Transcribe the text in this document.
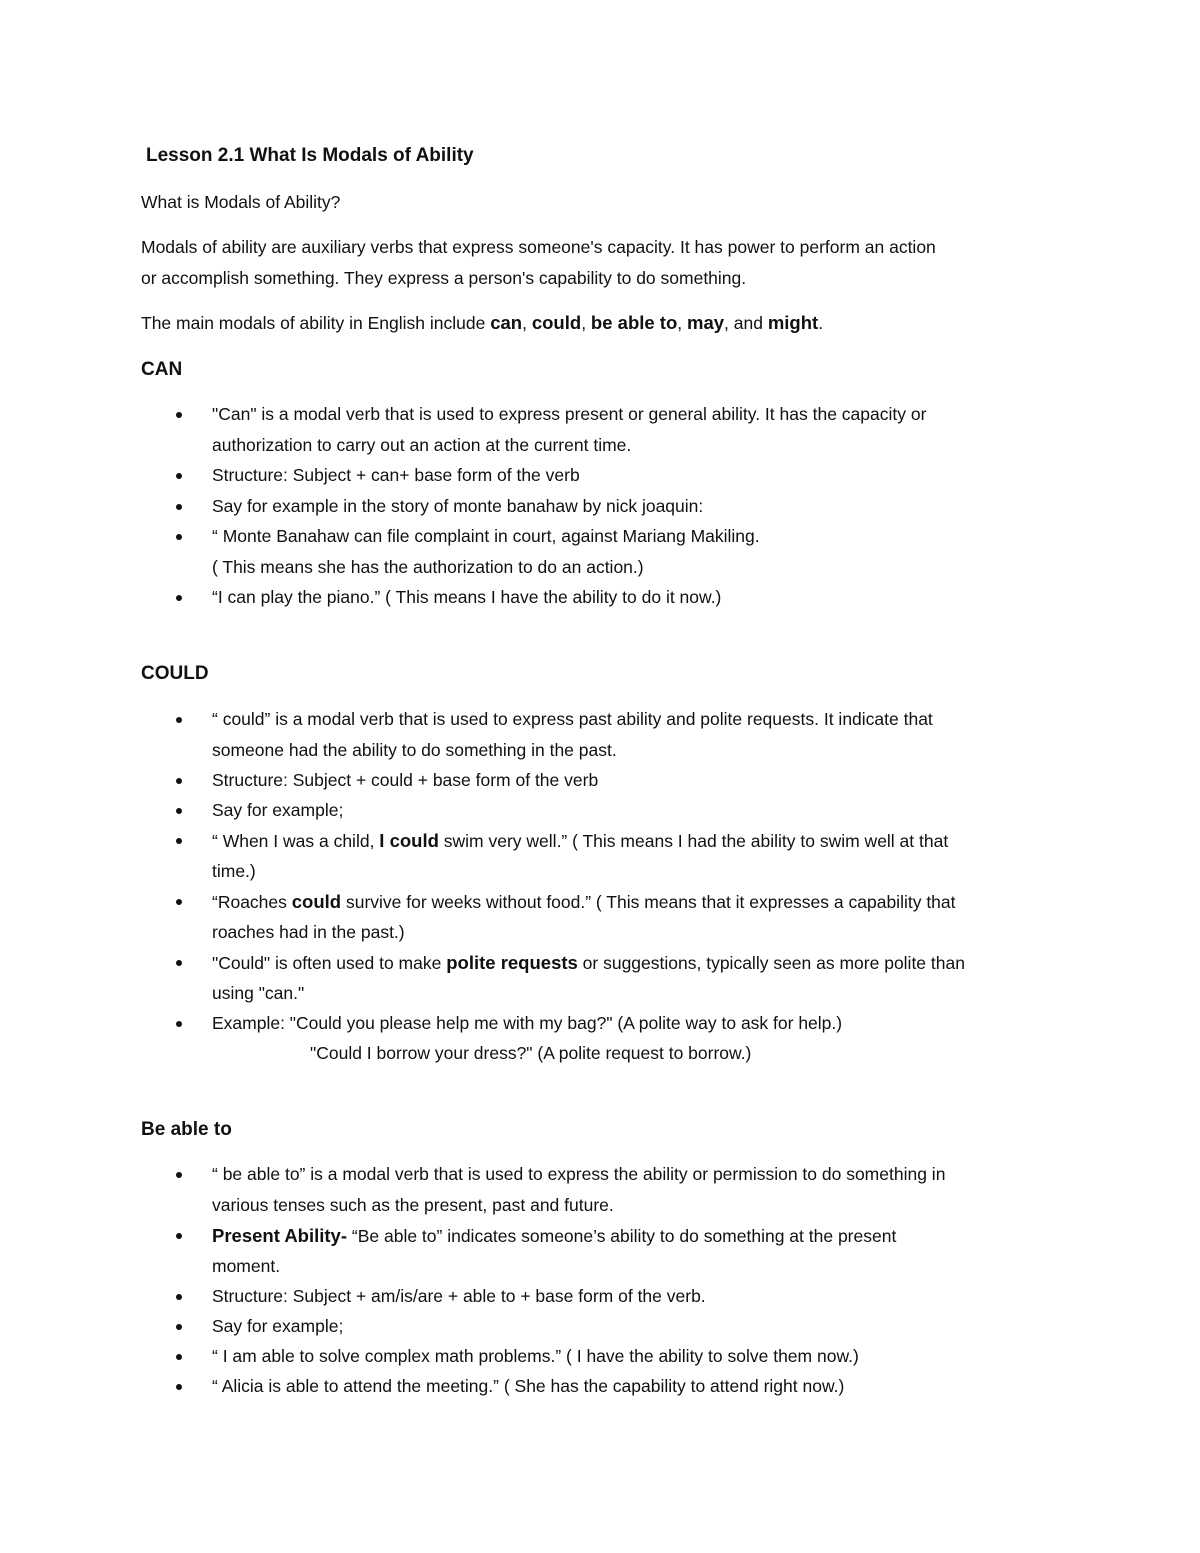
Lesson 2.1 What Is Modals of Ability
What is Modals of Ability?
Modals of ability are auxiliary verbs that express someone's capacity. It has power to perform an action
or accomplish something. They express a person's capability to do something.
The main modals of ability in English include can, could, be able to, may, and might.
CAN
"Can" is a modal verb that is used to express present or general ability. It has the capacity or
authorization to carry out an action at the current time.
Structure: Subject + can+ base form of the verb
Say for example in the story of monte banahaw by nick joaquin:
“ Monte Banahaw can file complaint in court, against Mariang Makiling.
( This means she has the authorization to do an action.)
“I can play the piano.” ( This means I have the ability to do it now.)
COULD
“ could” is a modal verb that is used to express past ability and polite requests. It indicate that
someone had the ability to do something in the past.
Structure: Subject + could + base form of the verb
Say for example;
“ When I was a child, I could swim very well.” ( This means I had the ability to swim well at that
time.)
“Roaches could survive for weeks without food.” ( This means that it expresses a capability that
roaches had in the past.)
"Could" is often used to make polite requests or suggestions, typically seen as more polite than
using "can."
Example: "Could you please help me with my bag?" (A polite way to ask for help.)
"Could I borrow your dress?" (A polite request to borrow.)
Be able to
“ be able to” is a modal verb that is used to express the ability or permission to do something in
various tenses such as the present, past and future.
Present Ability- “Be able to” indicates someone’s ability to do something at the present
moment.
Structure: Subject + am/is/are + able to + base form of the verb.
Say for example;
“ I am able to solve complex math problems.” ( I have the ability to solve them now.)
“ Alicia is able to attend the meeting.” ( She has the capability to attend right now.)
